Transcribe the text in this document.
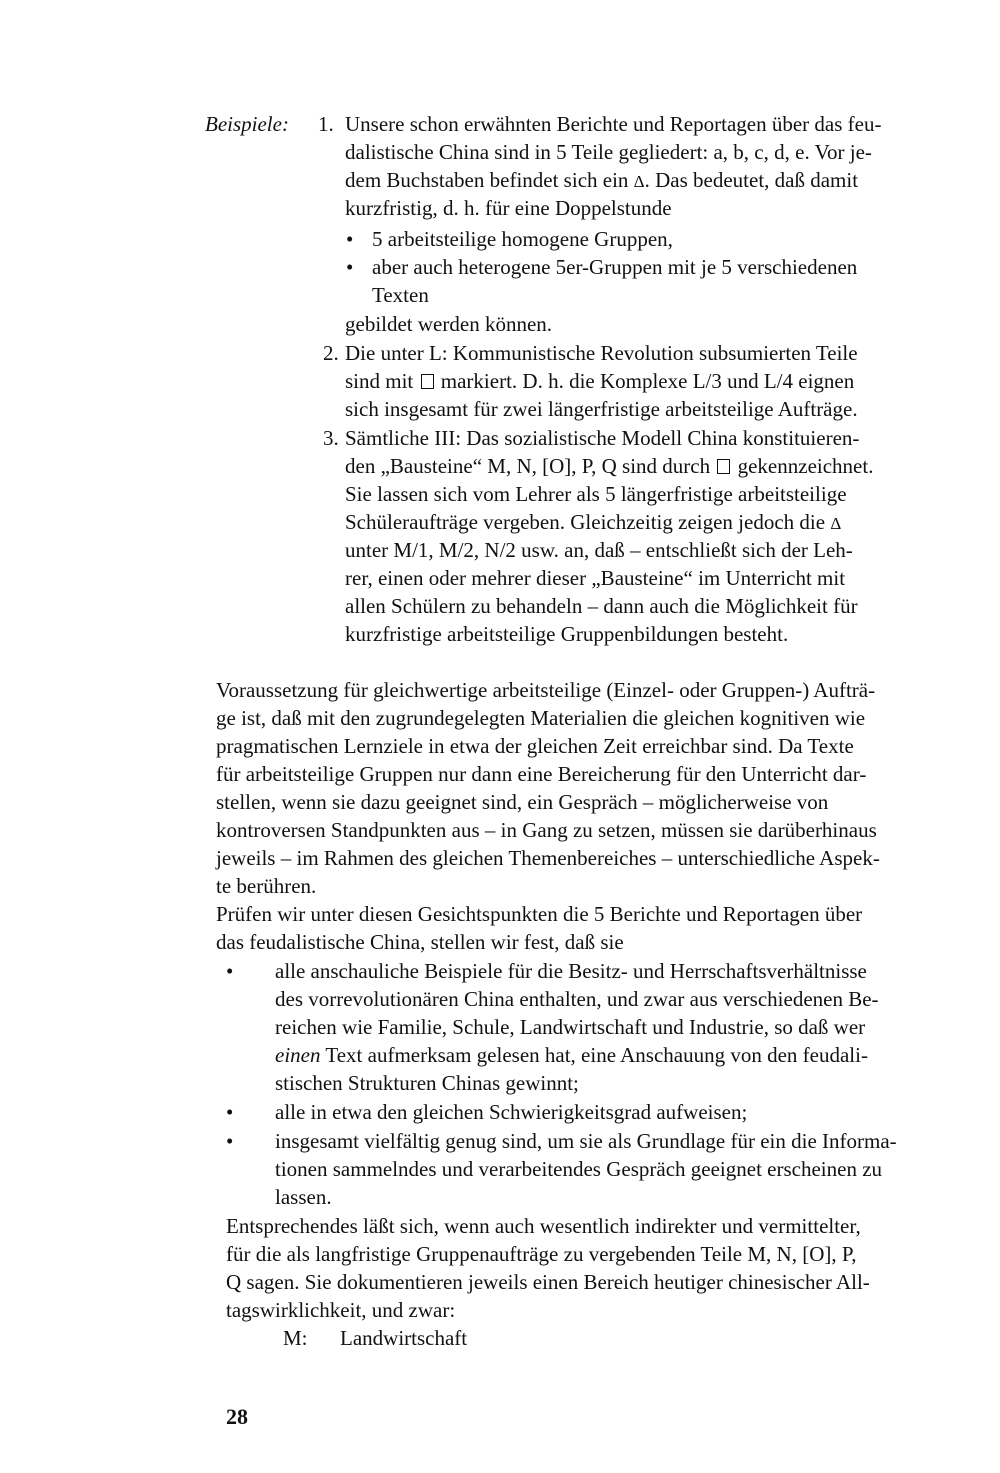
Beispiele: 1. Unsere schon erwähnten Berichte und Reportagen über das feu-
dalistische China sind in 5 Teile gegliedert: a, b, c, d, e. Vor je-
dem Buchstaben befindet sich ein Δ. Das bedeutet, daß damit
kurzfristig, d. h. für eine Doppelstunde
• 5 arbeitsteilige homogene Gruppen,
• aber auch heterogene 5er-Gruppen mit je 5 verschiedenen
Texten
gebildet werden können.
2. Die unter L: Kommunistische Revolution subsumierten Teile
sind mit markiert. D. h. die Komplexe L/3 und L/4 eignen
sich insgesamt für zwei längerfristige arbeitsteilige Aufträge.
3. Sämtliche III: Das sozialistische Modell China konstituieren-
den „Bausteine“ M, N, [O], P, Q sind durch gekennzeichnet.
Sie lassen sich vom Lehrer als 5 längerfristige arbeitsteilige
Schüleraufträge vergeben. Gleichzeitig zeigen jedoch die Δ
unter M/1, M/2, N/2 usw. an, daß – entschließt sich der Leh-
rer, einen oder mehrer dieser „Bausteine“ im Unterricht mit
allen Schülern zu behandeln – dann auch die Möglichkeit für
kurzfristige arbeitsteilige Gruppenbildungen besteht.
Voraussetzung für gleichwertige arbeitsteilige (Einzel- oder Gruppen-) Aufträ-
ge ist, daß mit den zugrundegelegten Materialien die gleichen kognitiven wie
pragmatischen Lernziele in etwa der gleichen Zeit erreichbar sind. Da Texte
für arbeitsteilige Gruppen nur dann eine Bereicherung für den Unterricht dar-
stellen, wenn sie dazu geeignet sind, ein Gespräch – möglicherweise von
kontroversen Standpunkten aus – in Gang zu setzen, müssen sie darüberhinaus
jeweils – im Rahmen des gleichen Themenbereiches – unterschiedliche Aspek-
te berühren.
Prüfen wir unter diesen Gesichtspunkten die 5 Berichte und Reportagen über
das feudalistische China, stellen wir fest, daß sie
• alle anschauliche Beispiele für die Besitz- und Herrschaftsverhältnisse
des vorrevolutionären China enthalten, und zwar aus verschiedenen Be-
reichen wie Familie, Schule, Landwirtschaft und Industrie, so daß wer
einen Text aufmerksam gelesen hat, eine Anschauung von den feudali-
stischen Strukturen Chinas gewinnt;
• alle in etwa den gleichen Schwierigkeitsgrad aufweisen;
• insgesamt vielfältig genug sind, um sie als Grundlage für ein die Informa-
tionen sammelndes und verarbeitendes Gespräch geeignet erscheinen zu
lassen.
Entsprechendes läßt sich, wenn auch wesentlich indirekter und vermittelter,
für die als langfristige Gruppenaufträge zu vergebenden Teile M, N, [O], P,
Q sagen. Sie dokumentieren jeweils einen Bereich heutiger chinesischer All-
tagswirklichkeit, und zwar:
M: Landwirtschaft
28
